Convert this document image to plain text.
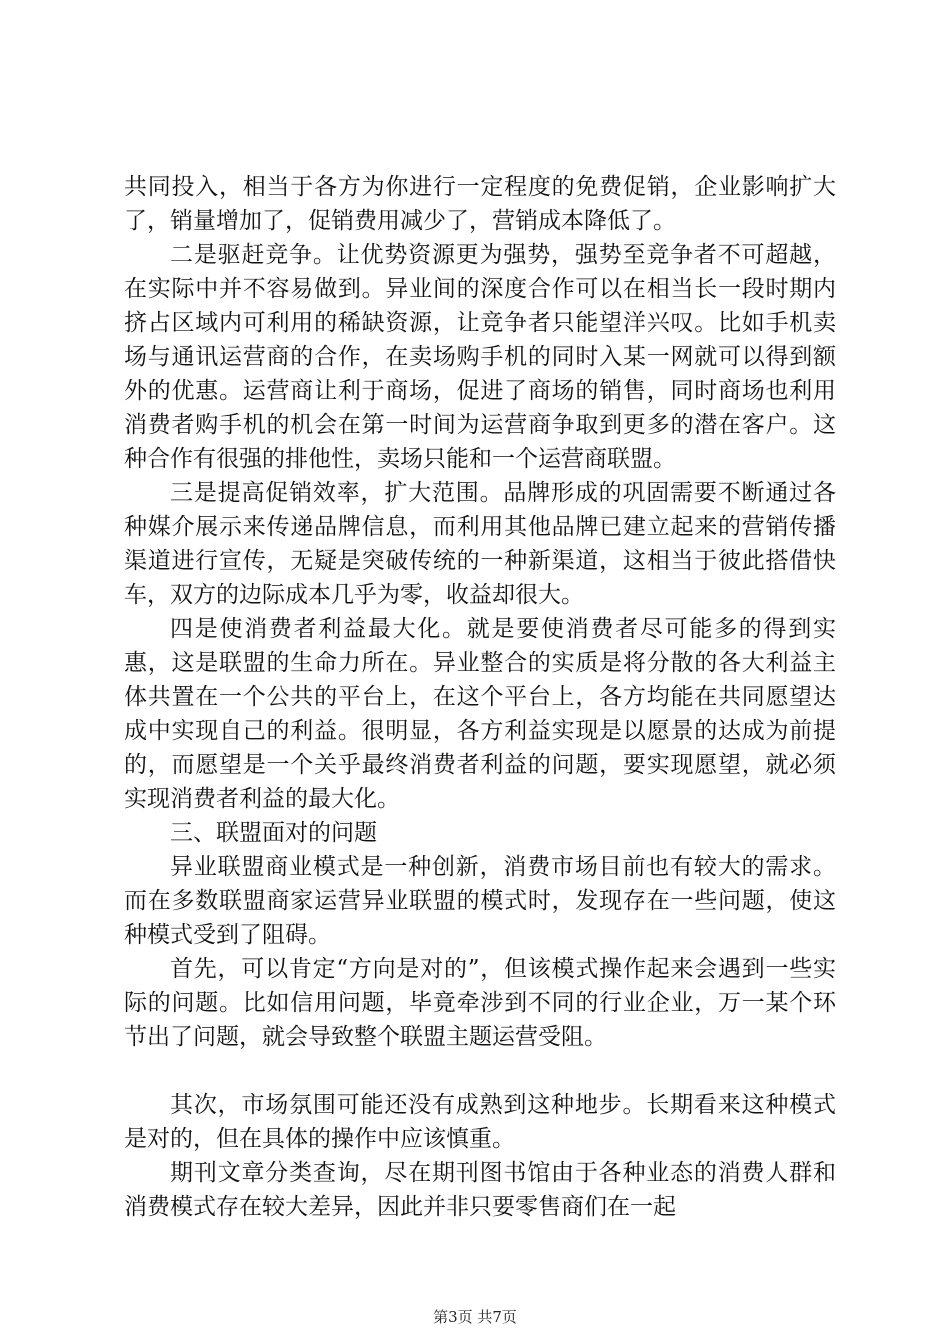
共同投入，相当于各方为你进行一定程度的免费促销，企业影响扩大了，销量增加了，促销费用减少了，营销成本降低了。

二是驱赶竞争。让优势资源更为强势，强势至竞争者不可超越，在实际中并不容易做到。异业间的深度合作可以在相当长一段时期内挤占区域内可利用的稀缺资源，让竞争者只能望洋兴叹。比如手机卖场与通讯运营商的合作，在卖场购手机的同时入某一网就可以得到额外的优惠。运营商让利于商场，促进了商场的销售，同时商场也利用消费者购手机的机会在第一时间为运营商争取到更多的潜在客户。这种合作有很强的排他性，卖场只能和一个运营商联盟。

三是提高促销效率，扩大范围。品牌形成的巩固需要不断通过各种媒介展示来传递品牌信息，而利用其他品牌已建立起来的营销传播渠道进行宣传，无疑是突破传统的一种新渠道，这相当于彼此搭借快车，双方的边际成本几乎为零，收益却很大。

四是使消费者利益最大化。就是要使消费者尽可能多的得到实惠，这是联盟的生命力所在。异业整合的实质是将分散的各大利益主体共置在一个公共的平台上，在这个平台上，各方均能在共同愿望达成中实现自己的利益。很明显，各方利益实现是以愿景的达成为前提的，而愿望是一个关乎最终消费者利益的问题，要实现愿望，就必须实现消费者利益的最大化。

三、联盟面对的问题

异业联盟商业模式是一种创新，消费市场目前也有较大的需求。而在多数联盟商家运营异业联盟的模式时，发现存在一些问题，使这种模式受到了阻碍。

首先，可以肯定“方向是对的”，但该模式操作起来会遇到一些实际的问题。比如信用问题，毕竟牵涉到不同的行业企业，万一某个环节出了问题，就会导致整个联盟主题运营受阻。

其次，市场氛围可能还没有成熟到这种地步。长期看来这种模式是对的，但在具体的操作中应该慎重。

期刊文章分类查询，尽在期刊图书馆由于各种业态的消费人群和消费模式存在较大差异，因此并非只要零售商们在一起

第3页 共7页
